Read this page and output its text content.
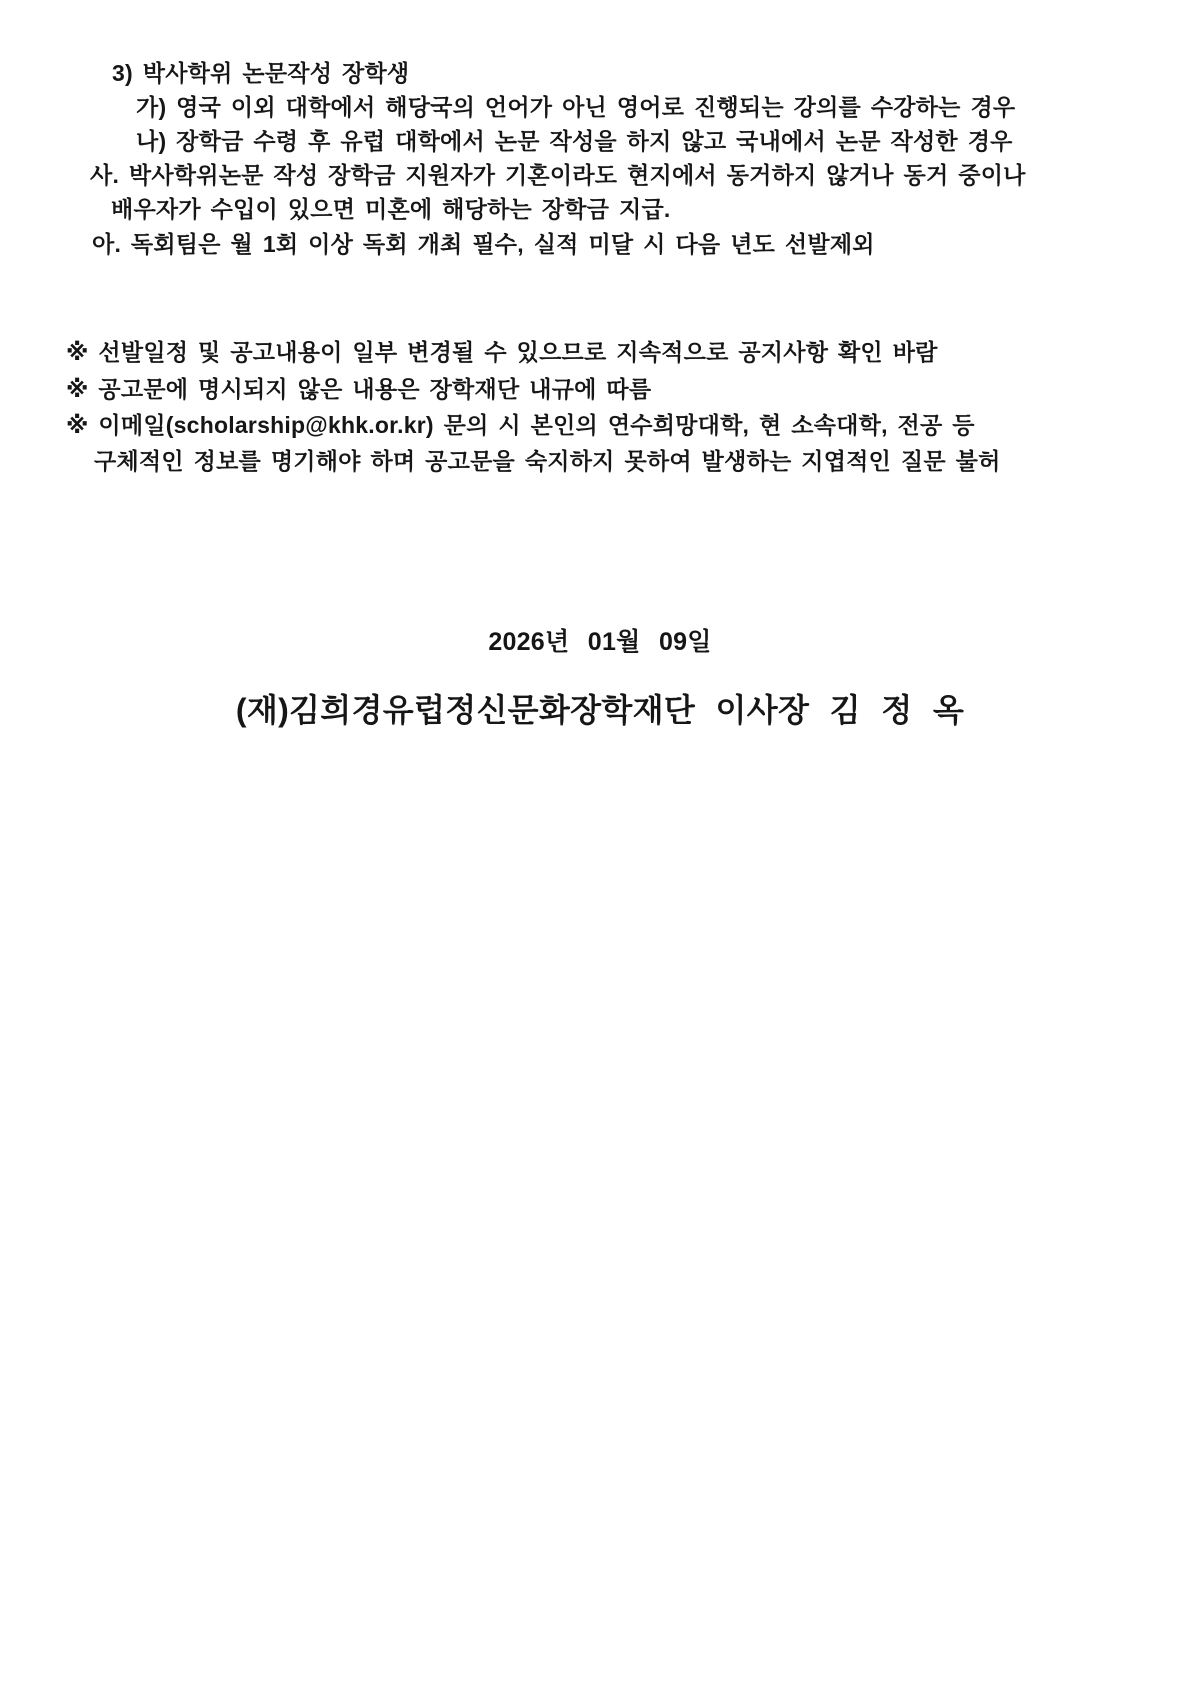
3) 박사학위 논문작성 장학생
가) 영국 이외 대학에서 해당국의 언어가 아닌 영어로 진행되는 강의를 수강하는 경우
나) 장학금 수령 후 유럽 대학에서 논문 작성을 하지 않고 국내에서 논문 작성한 경우
사. 박사학위논문 작성 장학금 지원자가 기혼이라도 현지에서 동거하지 않거나 동거 중이나
배우자가 수입이 있으면 미혼에 해당하는 장학금 지급.
아. 독회팀은 월 1회 이상 독회 개최 필수, 실적 미달 시 다음 년도 선발제외
※ 선발일정 및 공고내용이 일부 변경될 수 있으므로 지속적으로 공지사항 확인 바람
※ 공고문에 명시되지 않은 내용은 장학재단 내규에 따름
※ 이메일(scholarship@khk.or.kr) 문의 시 본인의 연수희망대학, 현 소속대학, 전공 등
구체적인 정보를 명기해야 하며 공고문을 숙지하지 못하여 발생하는 지엽적인 질문 불허
2026년 01월 09일
(재)김희경유럽정신문화장학재단 이사장 김 정 옥
